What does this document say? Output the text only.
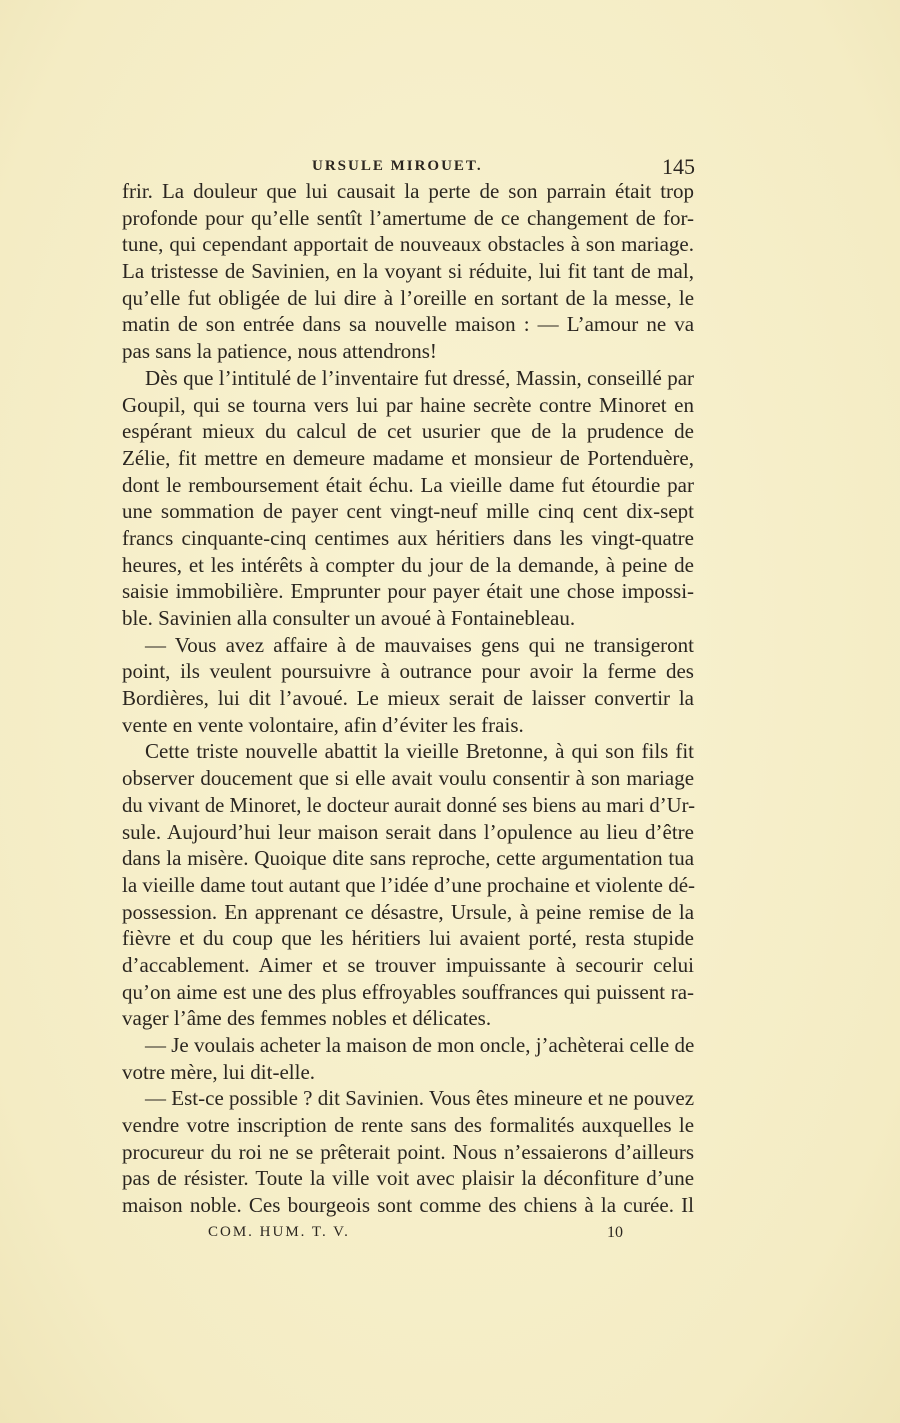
URSULE MIROUET.	145
frir. La douleur que lui causait la perte de son parrain était trop
profonde pour qu’elle sentît l’amertume de ce changement de for-
tune, qui cependant apportait de nouveaux obstacles à son mariage.
La tristesse de Savinien, en la voyant si réduite, lui fit tant de mal,
qu’elle fut obligée de lui dire à l’oreille en sortant de la messe, le
matin de son entrée dans sa nouvelle maison : — L’amour ne va
pas sans la patience, nous attendrons!
Dès que l’intitulé de l’inventaire fut dressé, Massin, conseillé par
Goupil, qui se tourna vers lui par haine secrète contre Minoret en
espérant mieux du calcul de cet usurier que de la prudence de
Zélie, fit mettre en demeure madame et monsieur de Portenduère,
dont le remboursement était échu. La vieille dame fut étourdie par
une sommation de payer cent vingt-neuf mille cinq cent dix-sept
francs cinquante-cinq centimes aux héritiers dans les vingt-quatre
heures, et les intérêts à compter du jour de la demande, à peine de
saisie immobilière. Emprunter pour payer était une chose impossi-
ble. Savinien alla consulter un avoué à Fontainebleau.
— Vous avez affaire à de mauvaises gens qui ne transigeront
point, ils veulent poursuivre à outrance pour avoir la ferme des
Bordières, lui dit l’avoué. Le mieux serait de laisser convertir la
vente en vente volontaire, afin d’éviter les frais.
Cette triste nouvelle abattit la vieille Bretonne, à qui son fils fit
observer doucement que si elle avait voulu consentir à son mariage
du vivant de Minoret, le docteur aurait donné ses biens au mari d’Ur-
sule. Aujourd’hui leur maison serait dans l’opulence au lieu d’être
dans la misère. Quoique dite sans reproche, cette argumentation tua
la vieille dame tout autant que l’idée d’une prochaine et violente dé-
possession. En apprenant ce désastre, Ursule, à peine remise de la
fièvre et du coup que les héritiers lui avaient porté, resta stupide
d’accablement. Aimer et se trouver impuissante à secourir celui
qu’on aime est une des plus effroyables souffrances qui puissent ra-
vager l’âme des femmes nobles et délicates.
— Je voulais acheter la maison de mon oncle, j’achèterai celle de
votre mère, lui dit-elle.
— Est-ce possible ? dit Savinien. Vous êtes mineure et ne pouvez
vendre votre inscription de rente sans des formalités auxquelles le
procureur du roi ne se prêterait point. Nous n’essaierons d’ailleurs
pas de résister. Toute la ville voit avec plaisir la déconfiture d’une
maison noble. Ces bourgeois sont comme des chiens à la curée. Il
COM. HUM. T. V.	10
